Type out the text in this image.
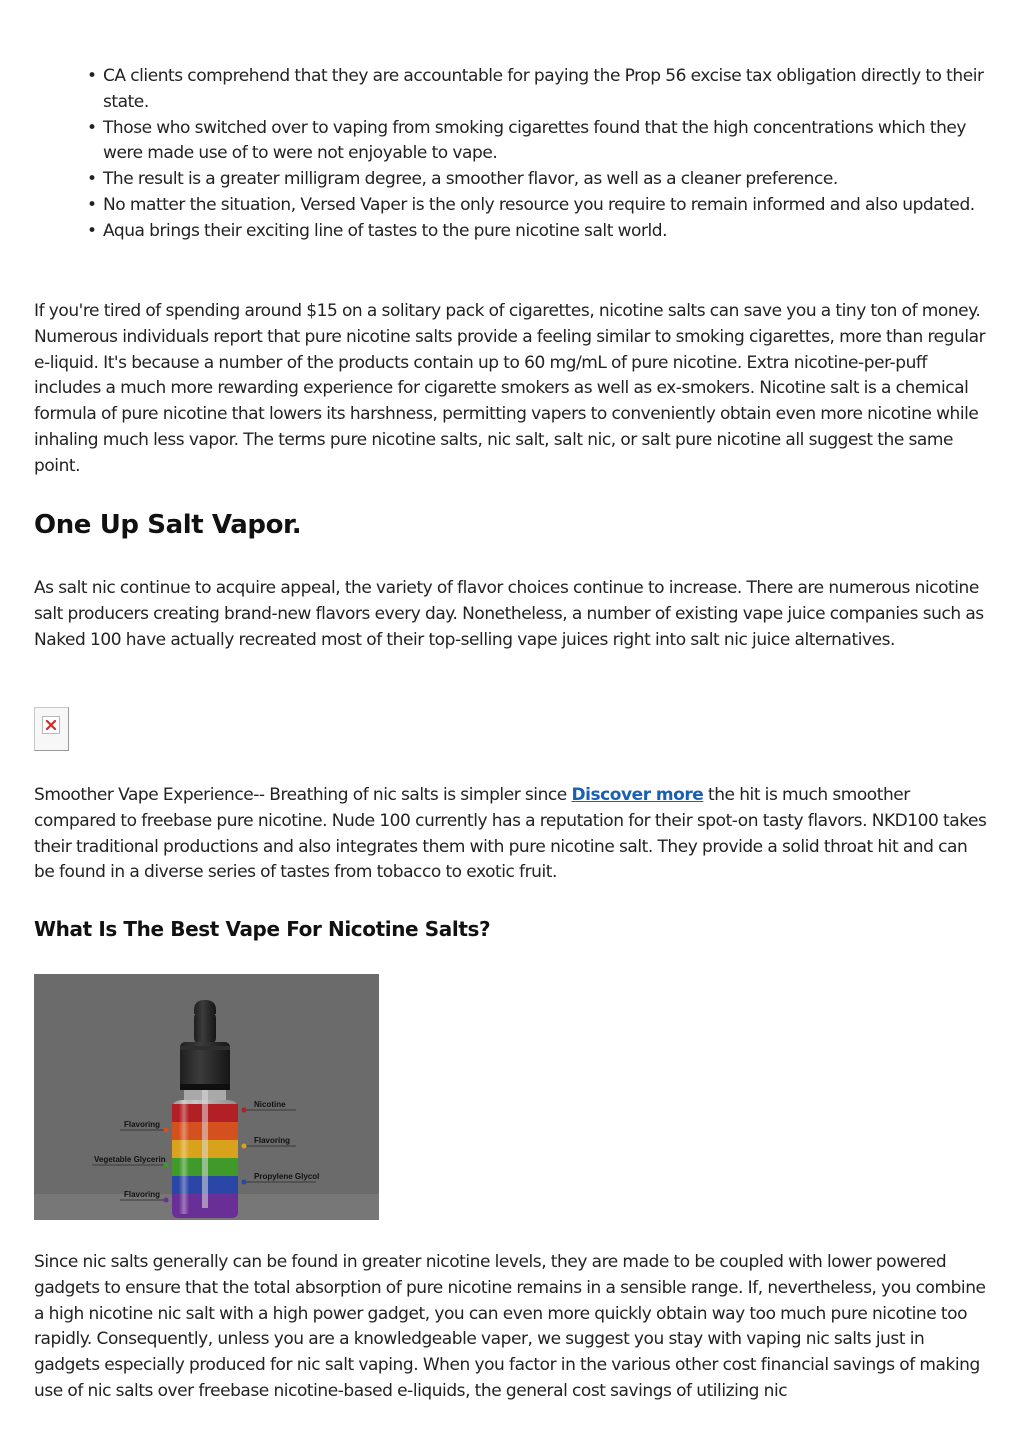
• CA clients comprehend that they are accountable for paying the Prop 56 excise tax obligation directly to their state.
• Those who switched over to vaping from smoking cigarettes found that the high concentrations which they were made use of to were not enjoyable to vape.
• The result is a greater milligram degree, a smoother flavor, as well as a cleaner preference.
• No matter the situation, Versed Vaper is the only resource you require to remain informed and also updated.
• Aqua brings their exciting line of tastes to the pure nicotine salt world.

If you're tired of spending around $15 on a solitary pack of cigarettes, nicotine salts can save you a tiny ton of money. Numerous individuals report that pure nicotine salts provide a feeling similar to smoking cigarettes, more than regular e-liquid. It's because a number of the products contain up to 60 mg/mL of pure nicotine. Extra nicotine-per-puff includes a much more rewarding experience for cigarette smokers as well as ex-smokers. Nicotine salt is a chemical formula of pure nicotine that lowers its harshness, permitting vapers to conveniently obtain even more nicotine while inhaling much less vapor. The terms pure nicotine salts, nic salt, salt nic, or salt pure nicotine all suggest the same point.

One Up Salt Vapor.

As salt nic continue to acquire appeal, the variety of flavor choices continue to increase. There are numerous nicotine salt producers creating brand-new flavors every day. Nonetheless, a number of existing vape juice companies such as Naked 100 have actually recreated most of their top-selling vape juices right into salt nic juice alternatives.

Smoother Vape Experience-- Breathing of nic salts is simpler since Discover more the hit is much smoother compared to freebase pure nicotine. Nude 100 currently has a reputation for their spot-on tasty flavors. NKD100 takes their traditional productions and also integrates them with pure nicotine salt. They provide a solid throat hit and can be found in a diverse series of tastes from tobacco to exotic fruit.

What Is The Best Vape For Nicotine Salts?
Nicotine
Flavoring
Propylene Glycol
Flavoring
Vegetable Glycerin
Flavoring

Since nic salts generally can be found in greater nicotine levels, they are made to be coupled with lower powered gadgets to ensure that the total absorption of pure nicotine remains in a sensible range. If, nevertheless, you combine a high nicotine nic salt with a high power gadget, you can even more quickly obtain way too much pure nicotine too rapidly. Consequently, unless you are a knowledgeable vaper, we suggest you stay with vaping nic salts just in gadgets especially produced for nic salt vaping. When you factor in the various other cost financial savings of making use of nic salts over freebase nicotine-based e-liquids, the general cost savings of utilizing nic
